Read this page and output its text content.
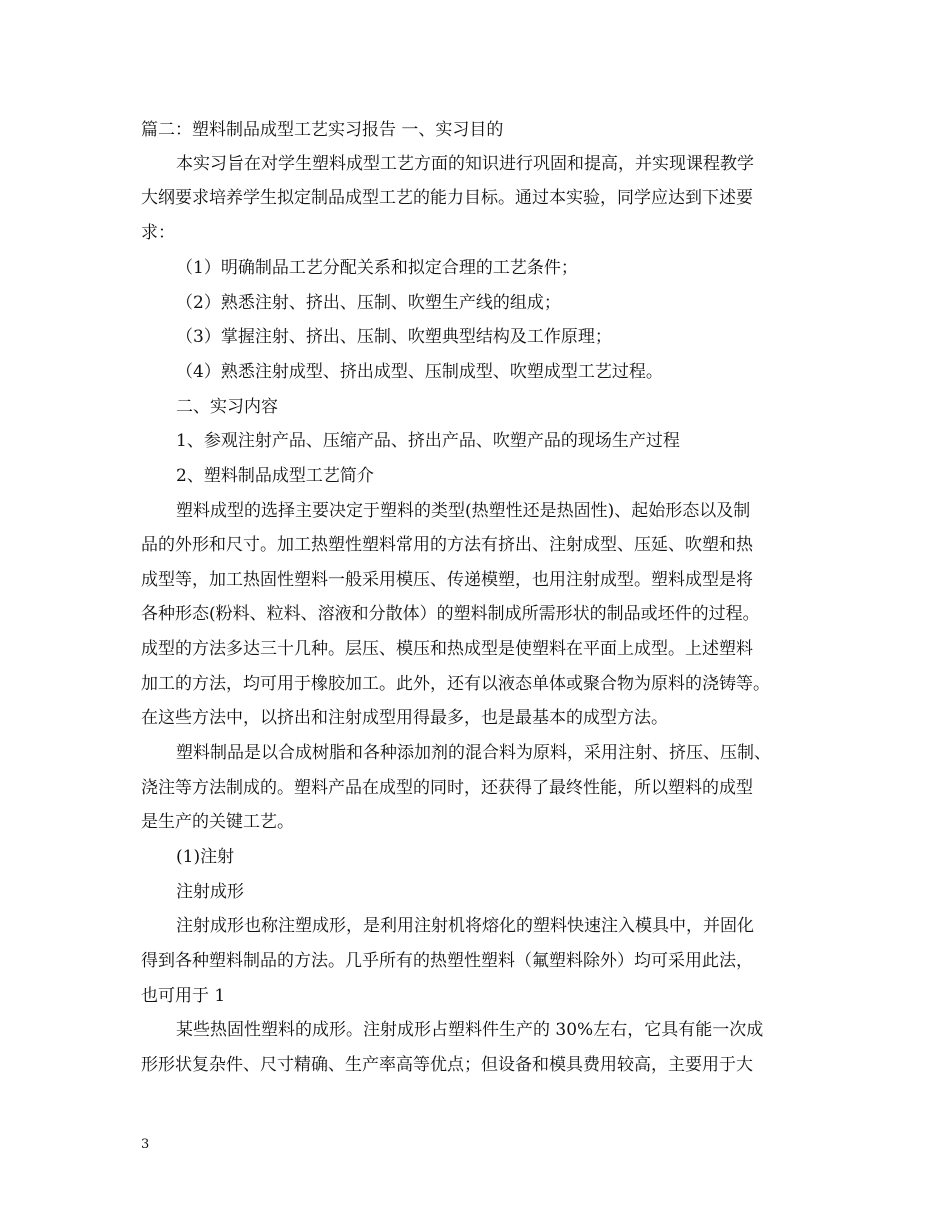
篇二：塑料制品成型工艺实习报告 一、实习目的
本实习旨在对学生塑料成型工艺方面的知识进行巩固和提高，并实现课程教学
大纲要求培养学生拟定制品成型工艺的能力目标。通过本实验，同学应达到下述要
求：
（1）明确制品工艺分配关系和拟定合理的工艺条件；
（2）熟悉注射、挤出、压制、吹塑生产线的组成；
（3）掌握注射、挤出、压制、吹塑典型结构及工作原理；
（4）熟悉注射成型、挤出成型、压制成型、吹塑成型工艺过程。
二、实习内容
1、参观注射产品、压缩产品、挤出产品、吹塑产品的现场生产过程
2、塑料制品成型工艺简介
塑料成型的选择主要决定于塑料的类型(热塑性还是热固性)、起始形态以及制
品的外形和尺寸。加工热塑性塑料常用的方法有挤出、注射成型、压延、吹塑和热
成型等，加工热固性塑料一般采用模压、传递模塑，也用注射成型。塑料成型是将
各种形态(粉料、粒料、溶液和分散体）的塑料制成所需形状的制品或坯件的过程。
成型的方法多达三十几种。层压、模压和热成型是使塑料在平面上成型。上述塑料
加工的方法，均可用于橡胶加工。此外，还有以液态单体或聚合物为原料的浇铸等。
在这些方法中，以挤出和注射成型用得最多，也是最基本的成型方法。
塑料制品是以合成树脂和各种添加剂的混合料为原料，采用注射、挤压、压制、
浇注等方法制成的。塑料产品在成型的同时，还获得了最终性能，所以塑料的成型
是生产的关键工艺。
(1)注射
注射成形
注射成形也称注塑成形，是利用注射机将熔化的塑料快速注入模具中，并固化
得到各种塑料制品的方法。几乎所有的热塑性塑料（氟塑料除外）均可采用此法，
也可用于 1
某些热固性塑料的成形。注射成形占塑料件生产的 30%左右，它具有能一次成
形形状复杂件、尺寸精确、生产率高等优点；但设备和模具费用较高，主要用于大
3
